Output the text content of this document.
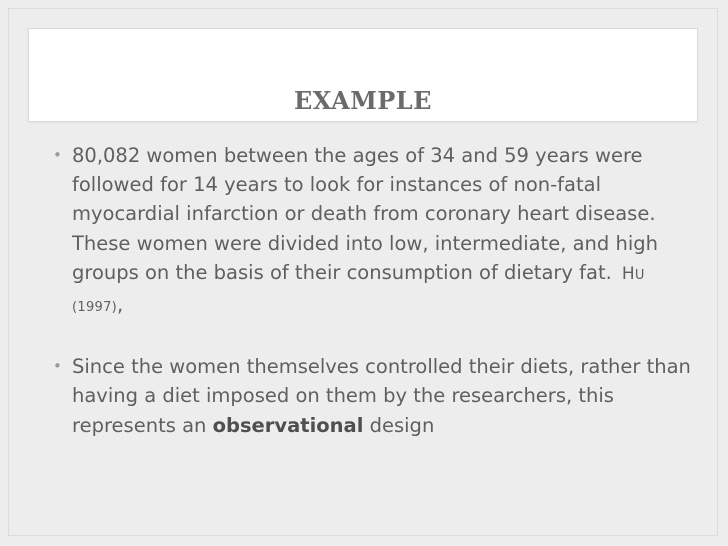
EXAMPLE
• 80,082 women between the ages of 34 and 59 years were followed for 14 years to look for instances of non-fatal myocardial infarction or death from coronary heart disease. These women were divided into low, intermediate, and high groups on the basis of their consumption of dietary fat. HU (1997),
• Since the women themselves controlled their diets, rather than having a diet imposed on them by the researchers, this represents an observational design
